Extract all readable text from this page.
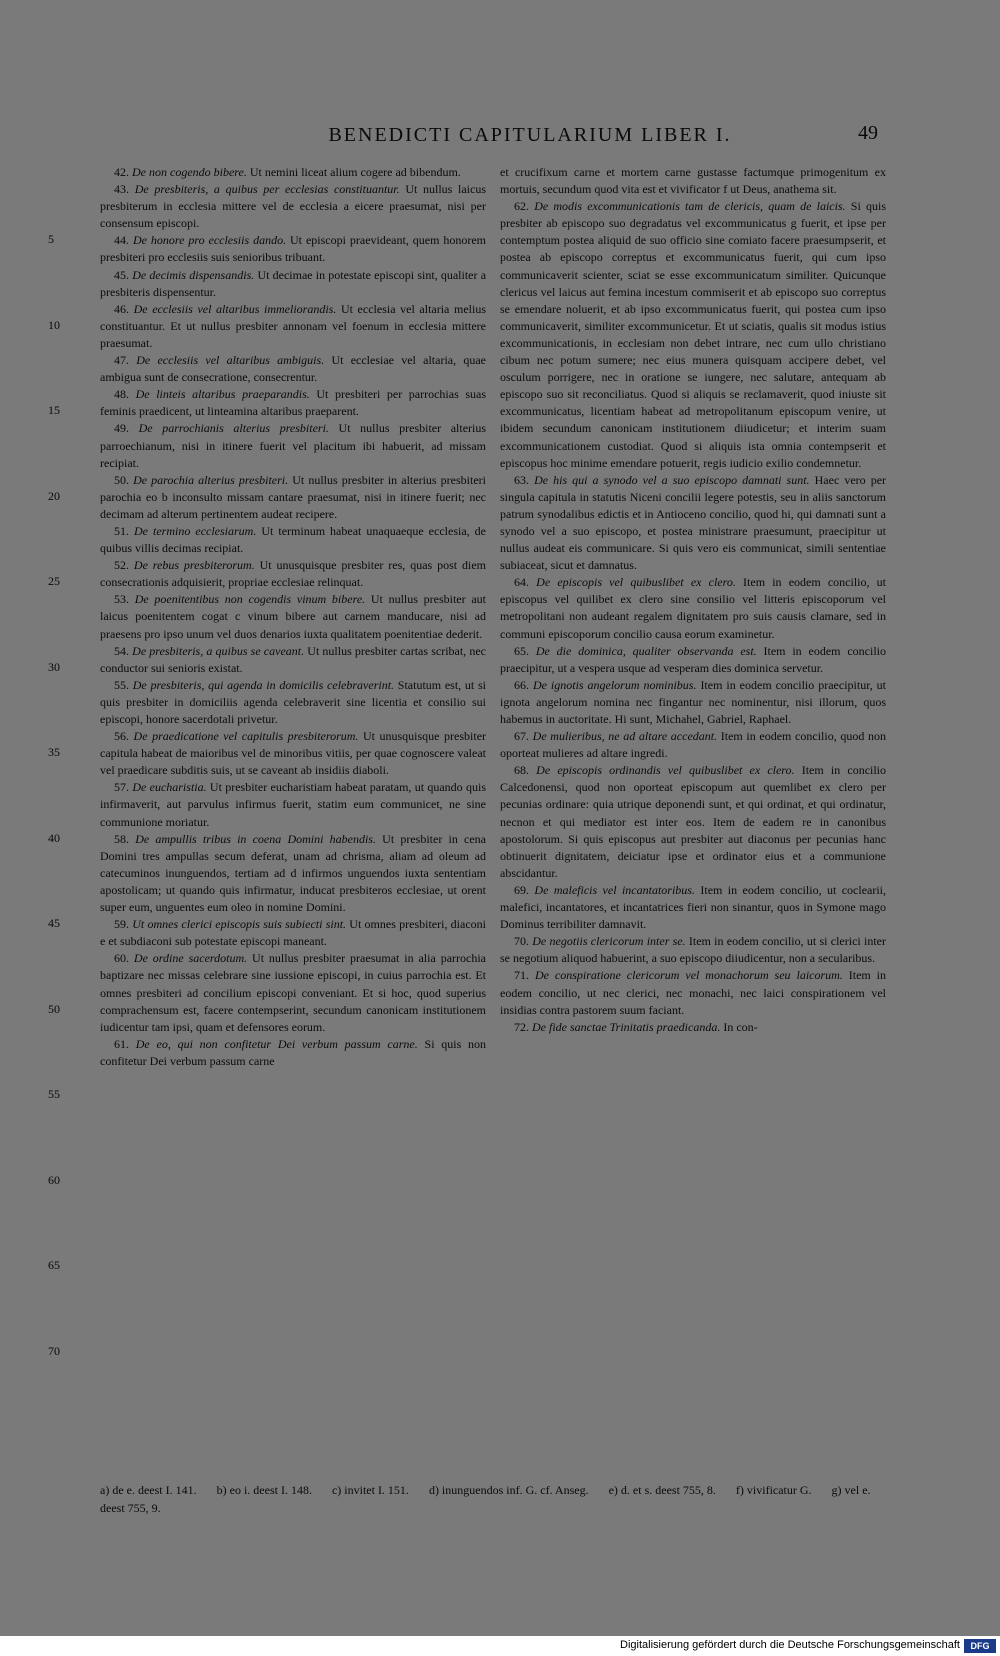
BENEDICTI CAPITULARIUM LIBER I.	49
5
10
15
20
25
30
35
40
45
50
55
60
65
70

42. De non cogendo bibere. Ut nemini liceat alium cogere ad bibendum.

43. De presbiteris, a quibus per ecclesias constituantur. Ut nullus laicus presbiterum in ecclesia mittere vel de ecclesia a eicere praesumat, nisi per consensum episcopi.

44. De honore pro ecclesiis dando. Ut episcopi praevideant, quem honorem presbiteri pro ecclesiis suis senioribus tribuant.

45. De decimis dispensandis. Ut decimae in potestate episcopi sint, qualiter a presbiteris dispensentur.

46. De ecclesiis vel altaribus immeliorandis. Ut ecclesia vel altaria melius constituantur. Et ut nullus presbiter annonam vel foenum in ecclesia mittere praesumat.

47. De ecclesiis vel altaribus ambiguis. Ut ecclesiae vel altaria, quae ambigua sunt de consecratione, consecrentur.

48. De linteis altaribus praeparandis. Ut presbiteri per parrochias suas feminis praedicent, ut linteamina altaribus praeparent.

49. De parrochianis alterius presbiteri. Ut nullus presbiter alterius parroechianum, nisi in itinere fuerit vel placitum ibi habuerit, ad missam recipiat.

50. De parochia alterius presbiteri. Ut nullus presbiter in alterius presbiteri parochia eo b inconsulto missam cantare praesumat, nisi in itinere fuerit; nec decimam ad alterum pertinentem audeat recipere.

51. De termino ecclesiarum. Ut terminum habeat unaquaeque ecclesia, de quibus villis decimas recipiat.

52. De rebus presbiterorum. Ut unusquisque presbiter res, quas post diem consecrationis adquisierit, propriae ecclesiae relinquat.

53. De poenitentibus non cogendis vinum bibere. Ut nullus presbiter aut laicus poenitentem cogat c vinum bibere aut carnem manducare, nisi ad praesens pro ipso unum vel duos denarios iuxta qualitatem poenitentiae dederit.

54. De presbiteris, a quibus se caveant. Ut nullus presbiter cartas scribat, nec conductor sui senioris existat.

55. De presbiteris, qui agenda in domicilis celebraverint. Statutum est, ut si quis presbiter in domiciliis agenda celebraverit sine licentia et consilio sui episcopi, honore sacerdotali privetur.

56. De praedicatione vel capitulis presbiterorum. Ut unusquisque presbiter capitula habeat de maioribus vel de minoribus vitiis, per quae cognoscere valeat vel praedicare subditis suis, ut se caveant ab insidiis diaboli.

57. De eucharistia. Ut presbiter eucharistiam habeat paratam, ut quando quis infirmaverit, aut parvulus infirmus fuerit, statim eum communicet, ne sine communione moriatur.

58. De ampullis tribus in coena Domini habendis. Ut presbiter in cena Domini tres ampullas secum deferat, unam ad chrisma, aliam ad oleum ad catecuminos inunguendos, tertiam ad d infirmos unguendos iuxta sententiam apostolicam; ut quando quis infirmatur, inducat presbiteros ecclesiae, ut orent super eum, unguentes eum oleo in nomine Domini.

59. Ut omnes clerici episcopis suis subiecti sint. Ut omnes presbiteri, diaconi e et subdiaconi sub potestate episcopi maneant.

60. De ordine sacerdotum. Ut nullus presbiter praesumat in alia parrochia baptizare nec missas celebrare sine iussione episcopi, in cuius parrochia est. Et omnes presbiteri ad concilium episcopi conveniant. Et si hoc, quod superius comprachensum est, facere contempserint, secundum canonicam institutionem iudicentur tam ipsi, quam et defensores eorum.

61. De eo, qui non confitetur Dei verbum passum carne. Si quis non confitetur Dei verbum passum carne

et crucifixum carne et mortem carne gustasse factumque primogenitum ex mortuis, secundum quod vita est et vivificator f ut Deus, anathema sit.

62. De modis excommunicationis tam de clericis, quam de laicis. Si quis presbiter ab episcopo suo degradatus vel excommunicatus g fuerit, et ipse per contemptum postea aliquid de suo officio sine comiato facere praesumpserit, et postea ab episcopo correptus et excommunicatus fuerit, qui cum ipso communicaverit scienter, sciat se esse excommunicatum similiter. Quicunque clericus vel laicus aut femina incestum commiserit et ab episcopo suo correptus se emendare noluerit, et ab ipso excommunicatus fuerit, qui postea cum ipso communicaverit, similiter excommunicetur. Et ut sciatis, qualis sit modus istius excommunicationis, in ecclesiam non debet intrare, nec cum ullo christiano cibum nec potum sumere; nec eius munera quisquam accipere debet, vel osculum porrigere, nec in oratione se iungere, nec salutare, antequam ab episcopo suo sit reconciliatus. Quod si aliquis se reclamaverit, quod iniuste sit excommunicatus, licentiam habeat ad metropolitanum episcopum venire, ut ibidem secundum canonicam institutionem diiudicetur; et interim suam excommunicationem custodiat. Quod si aliquis ista omnia contempserit et episcopus hoc minime emendare potuerit, regis iudicio exilio condemnetur.

63. De his qui a synodo vel a suo episcopo damnati sunt. Haec vero per singula capitula in statutis Niceni concilii legere potestis, seu in aliis sanctorum patrum synodalibus edictis et in Antioceno concilio, quod hi, qui damnati sunt a synodo vel a suo episcopo, et postea ministrare praesumunt, praecipitur ut nullus audeat eis communicare. Si quis vero eis communicat, simili sententiae subiaceat, sicut et damnatus.

64. De episcopis vel quibuslibet ex clero. Item in eodem concilio, ut episcopus vel quilibet ex clero sine consilio vel litteris episcoporum vel metropolitani non audeant regalem dignitatem pro suis causis clamare, sed in communi episcoporum concilio causa eorum examinetur.

65. De die dominica, qualiter observanda est. Item in eodem concilio praecipitur, ut a vespera usque ad vesperam dies dominica servetur.

66. De ignotis angelorum nominibus. Item in eodem concilio praecipitur, ut ignota angelorum nomina nec fingantur nec nominentur, nisi illorum, quos habemus in auctoritate. Hi sunt, Michahel, Gabriel, Raphael.

67. De mulieribus, ne ad altare accedant. Item in eodem concilio, quod non oporteat mulieres ad altare ingredi.

68. De episcopis ordinandis vel quibuslibet ex clero. Item in concilio Calcedonensi, quod non oporteat episcopum aut quemlibet ex clero per pecunias ordinare: quia utrique deponendi sunt, et qui ordinat, et qui ordinatur, necnon et qui mediator est inter eos. Item de eadem re in canonibus apostolorum. Si quis episcopus aut presbiter aut diaconus per pecunias hanc obtinuerit dignitatem, deiciatur ipse et ordinator eius et a communione abscidantur.

69. De maleficis vel incantatoribus. Item in eodem concilio, ut coclearii, malefici, incantatores, et incantatrices fieri non sinantur, quos in Symone mago Dominus terribiliter damnavit.

70. De negotiis clericorum inter se. Item in eodem concilio, ut si clerici inter se negotium aliquod habuerint, a suo episcopo diiudicentur, non a secularibus.

71. De conspiratione clericorum vel monachorum seu laicorum. Item in eodem concilio, ut nec clerici, nec monachi, nec laici conspirationem vel insidias contra pastorem suum faciant.

72. De fide sanctae Trinitatis praedicanda. In con-

a) de e. deest I. 141. b) eo i. deest I. 148. c) invitet I. 151. d) inunguendos inf. G. cf. Anseg. e) d. et s. deest 755, 8. f) vivificatur G. g) vel e. deest 755, 9.
Digitalisierung gefördert durch die Deutsche Forschungsgemeinschaft	DFG
